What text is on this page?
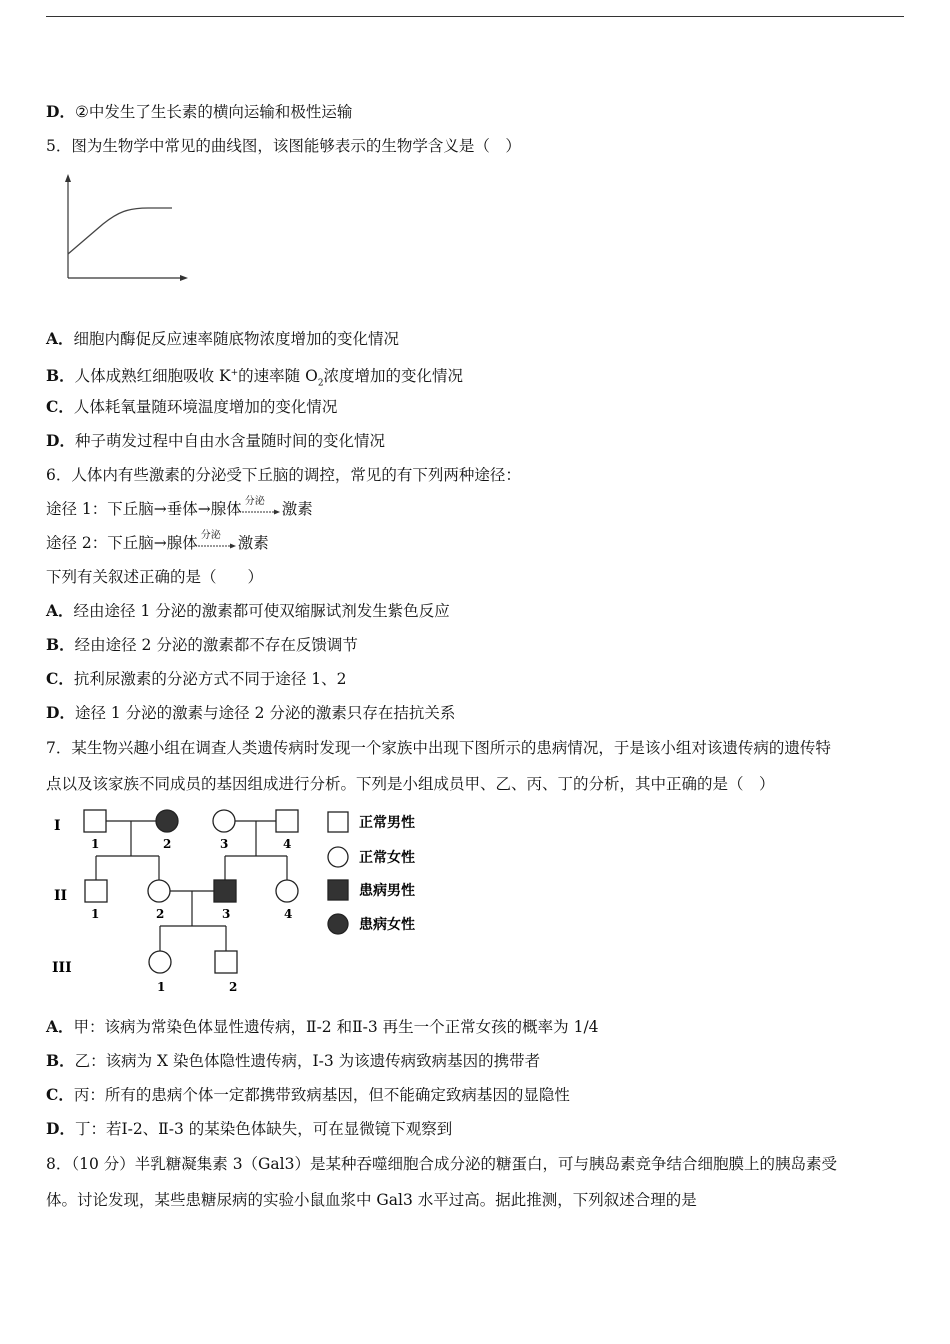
D．②中发生了生长素的横向运输和极性运输
5．图为生物学中常见的曲线图，该图能够表示的生物学含义是（　）
A．细胞内酶促反应速率随底物浓度增加的变化情况
B．人体成熟红细胞吸收 K+的速率随 $O_2$浓度增加的变化情况
C．人体耗氧量随环境温度增加的变化情况
D．种子萌发过程中自由水含量随时间的变化情况
6．人体内有些激素的分泌受下丘脑的调控，常见的有下列两种途径：
途径 1：下丘脑→垂体→腺体 分泌 激素
途径 2：下丘脑→腺体 分泌 激素
下列有关叙述正确的是（　　）
A．经由途径 1 分泌的激素都可使双缩脲试剂发生紫色反应
B．经由途径 2 分泌的激素都不存在反馈调节
C．抗利尿激素的分泌方式不同于途径 1、2
D．途径 1 分泌的激素与途径 2 分泌的激素只存在拮抗关系
7．某生物兴趣小组在调查人类遗传病时发现一个家族中出现下图所示的患病情况，于是该小组对该遗传病的遗传特
点以及该家族不同成员的基因组成进行分析。下列是小组成员甲、乙、丙、丁的分析，其中正确的是（　）
I
II
III
1	2	3	4
1	2	3	4
1	2
正常男性
正常女性
患病男性
患病女性
A．甲：该病为常染色体显性遗传病，Ⅱ-2 和Ⅱ-3 再生一个正常女孩的概率为 1/4
B．乙：该病为 X 染色体隐性遗传病，Ⅰ-3 为该遗传病致病基因的携带者
C．丙：所有的患病个体一定都携带致病基因，但不能确定致病基因的显隐性
D．丁：若Ⅰ-2、Ⅱ-3 的某染色体缺失，可在显微镜下观察到
8．（10 分）半乳糖凝集素 3（Gal3）是某种吞噬细胞合成分泌的糖蛋白，可与胰岛素竞争结合细胞膜上的胰岛素受
体。讨论发现，某些患糖尿病的实验小鼠血浆中 Gal3 水平过高。据此推测，下列叙述合理的是
